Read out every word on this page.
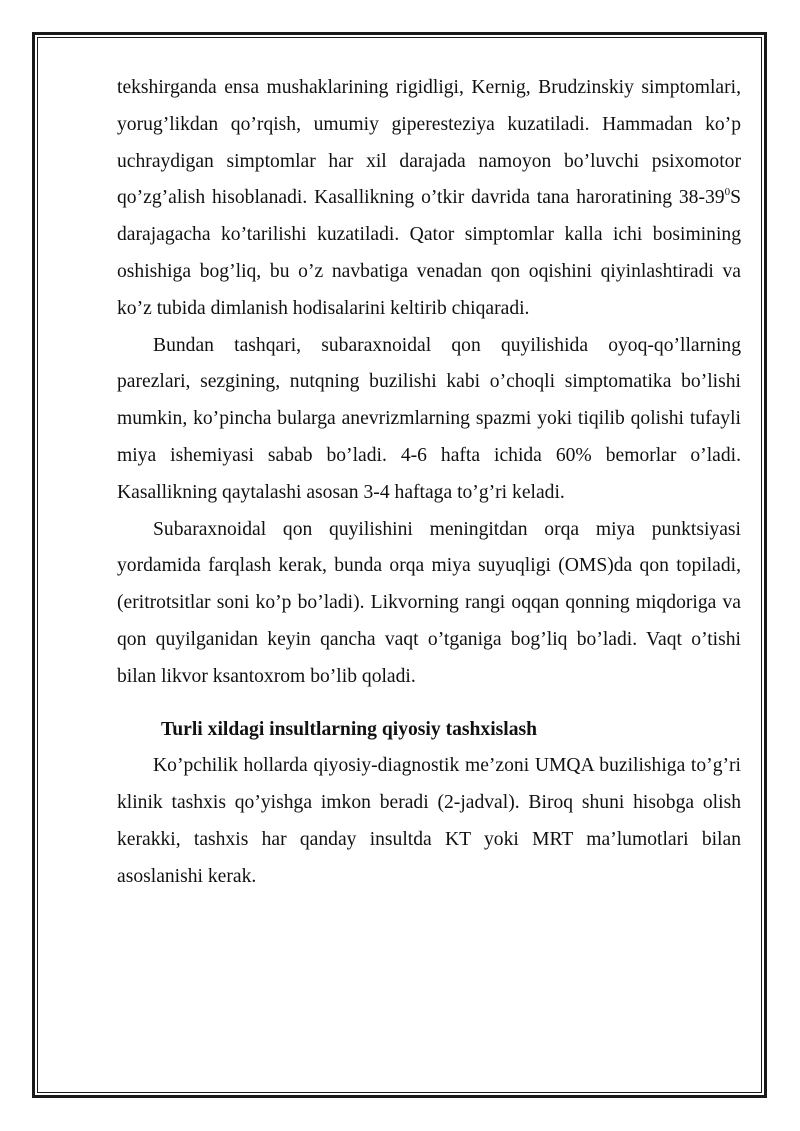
tekshirganda ensa mushaklarining rigidligi, Kernig, Brudzinskiy simptomlari, yorug’likdan qo’rqish, umumiy giperesteziya kuzatiladi. Hammadan ko’p uchraydigan simptomlar har xil darajada namoyon bo’luvchi psixomotor qo’zg’alish hisoblanadi. Kasallikning o’tkir davrida tana haroratining $38-39^0S$ darajagacha ko’tarilishi kuzatiladi. Qator simptomlar kalla ichi bosimining oshishiga bog’liq, bu o’z navbatiga venadan qon oqishini qiyinlashtiradi va ko’z tubida dimlanish hodisalarini keltirib chiqaradi.

Bundan tashqari, subaraxnoidal qon quyilishida oyoq-qo’llarning parezlari, sezgining, nutqning buzilishi kabi o’choqli simptomatika bo’lishi mumkin, ko’pincha bularga anevrizmlarning spazmi yoki tiqilib qolishi tufayli miya ishemiyasi sabab bo’ladi. 4-6 hafta ichida 60% bemorlar o’ladi. Kasallikning qaytalashi asosan 3-4 haftaga to’g’ri keladi.

Subaraxnoidal qon quyilishini meningitdan orqa miya punktsiyasi yordamida farqlash kerak, bunda orqa miya suyuqligi (OMS)da qon topiladi, (eritrotsitlar soni ko’p bo’ladi). Likvorning rangi oqqan qonning miqdoriga va qon quyilganidan keyin qancha vaqt o’tganiga bog’liq bo’ladi. Vaqt o’tishi bilan likvor ksantoxrom bo’lib qoladi.

Turli xildagi insultlarning qiyosiy tashxislash

Ko’pchilik hollarda qiyosiy-diagnostik me’zoni UMQA buzilishiga to’g’ri klinik tashxis qo’yishga imkon beradi (2-jadval). Biroq shuni hisobga olish kerakki, tashxis har qanday insultda KT yoki MRT ma’lumotlari bilan asoslanishi kerak.
